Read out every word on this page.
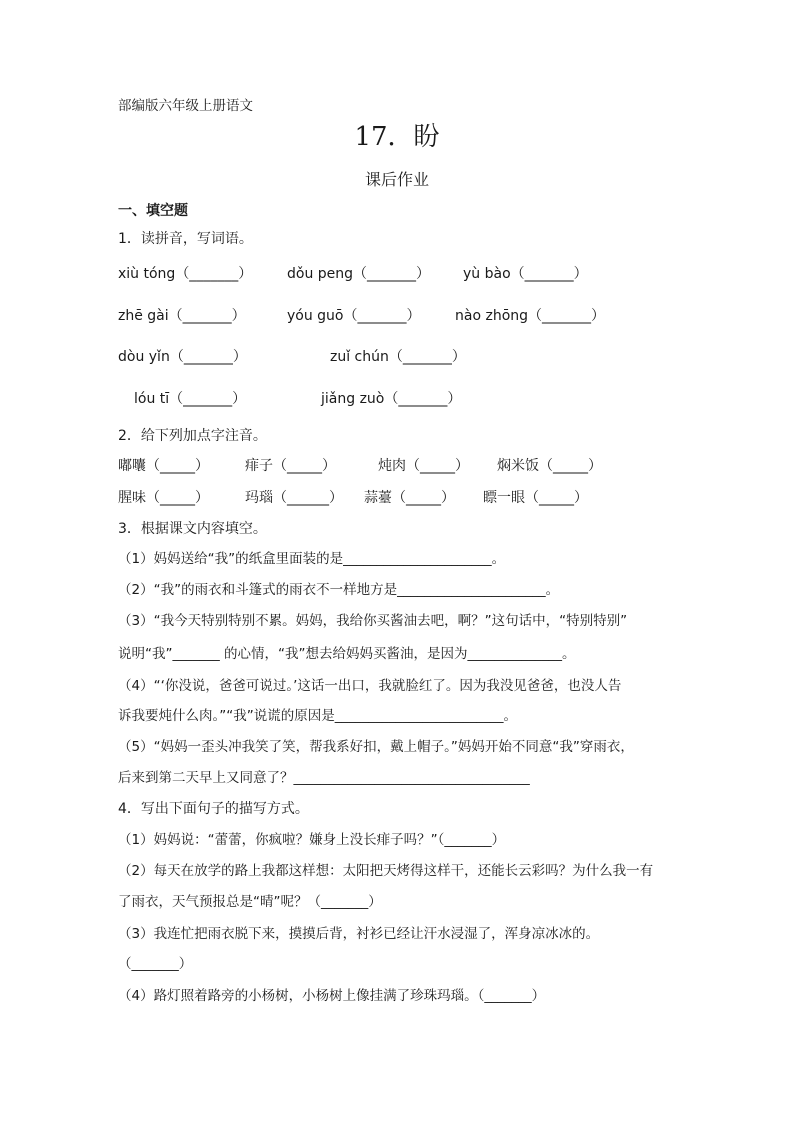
部编版六年级上册语文
17．盼
课后作业
一、填空题
1．读拼音，写词语。
xiù tóng（_______） dǒu peng（_______） yù bào（_______）
zhē gài（_______）	yóu guō（_______） nào zhōng（_______）
dòu yǐn（_______）	zuǐ chún（_______）
lóu tī（_______）	jiǎng zuò（_______）
2．给下列加点字注音。
嘟囔（_____）	痱子（_____）	炖肉（_____） 焖米饭（_____）
腥味（_____）	玛瑙（______） 蒜薹（_____） 瞟一眼（_____）
3．根据课文内容填空。
（1）妈妈送给“我”的纸盒里面装的是______________________。
（2）“我”的雨衣和斗篷式的雨衣不一样地方是______________________。
（3）“我今天特别特别不累。妈妈，我给你买酱油去吧，啊？”这句话中，“特别特别”
说明“我”_______ 的心情，“我”想去给妈妈买酱油，是因为______________。
（4）“‘你没说，爸爸可说过。’这话一出口，我就脸红了。因为我没见爸爸，也没人告
诉我要炖什么肉。”“我”说谎的原因是_________________________。
（5）“妈妈一歪头冲我笑了笑，帮我系好扣，戴上帽子。”妈妈开始不同意“我”穿雨衣，
后来到第二天早上又同意了？___________________________________
4．写出下面句子的描写方式。
（1）妈妈说：“蕾蕾，你疯啦？嫌身上没长痱子吗？”（_______）
（2）每天在放学的路上我都这样想：太阳把天烤得这样干，还能长云彩吗？为什么我一有
了雨衣，天气预报总是“晴”呢？（_______）
（3）我连忙把雨衣脱下来，摸摸后背，衬衫已经让汗水浸湿了，浑身凉冰冰的。
（_______）
（4）路灯照着路旁的小杨树，小杨树上像挂满了珍珠玛瑙。（_______）
